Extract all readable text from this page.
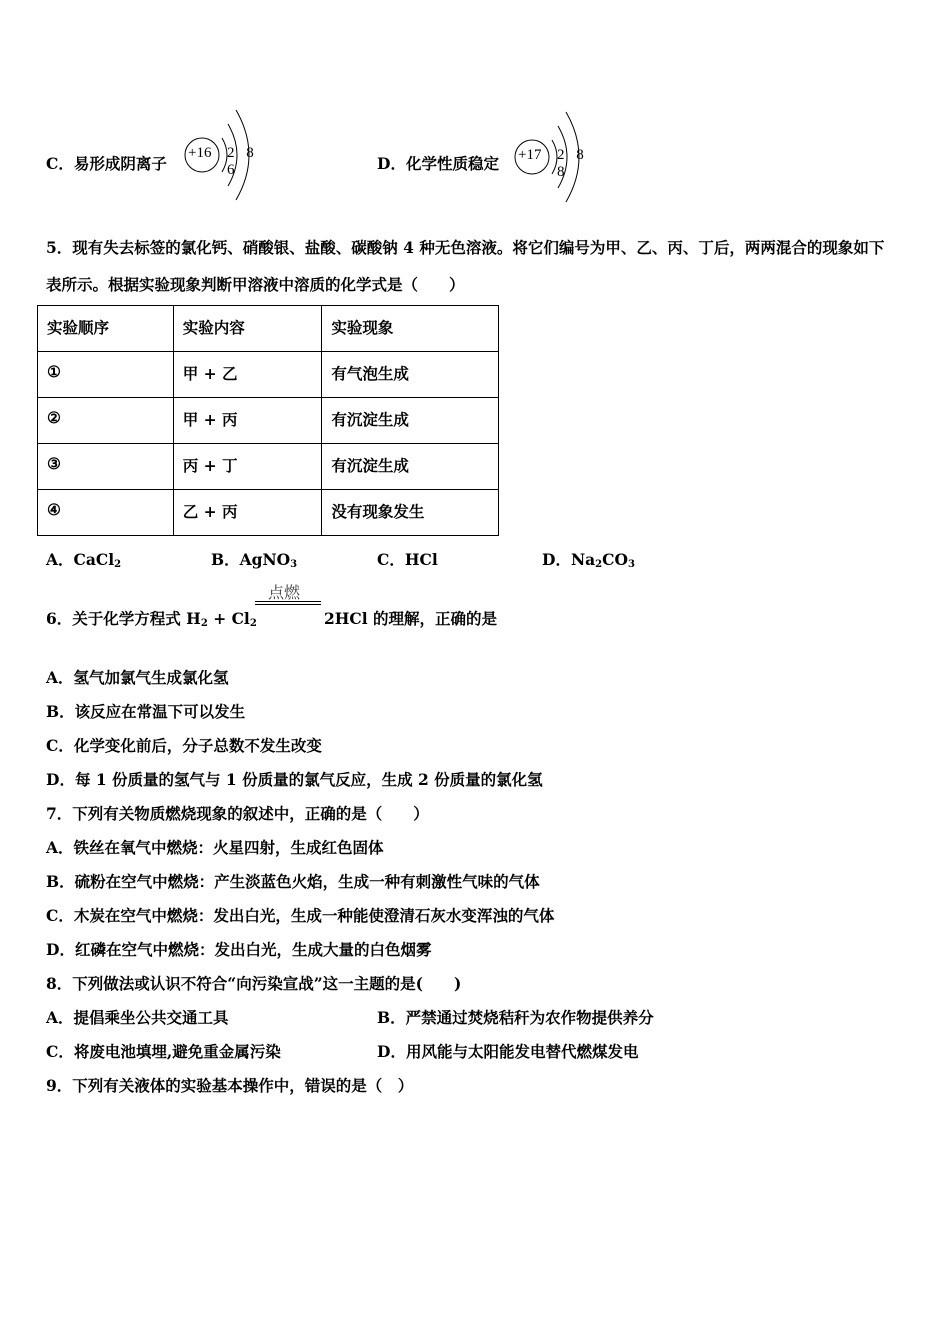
C．易形成阴离子
+16 2 8 6	D．化学性质稳定 +17 2 8 8
5．现有失去标签的氯化钙、硝酸银、盐酸、碳酸钠 4 种无色溶液。将它们编号为甲、乙、丙、丁后，两两混合的现象如下
表所示。根据实验现象判断甲溶液中溶质的化学式是（　　）
实验顺序	实验内容	实验现象
①	甲 + 乙	有气泡生成
②	甲 + 丙	有沉淀生成
③	丙 + 丁	有沉淀生成
④	乙 + 丙	没有现象发生
A．CaCl$_2$	B．AgNO$_3$	C．HCl	D．$Na_2CO_3$
6．关于化学方程式 $H_2 + Cl_2$
点燃
2HCl 的理解，正确的是
A．氢气加氯气生成氯化氢
B．该反应在常温下可以发生
C．化学变化前后，分子总数不发生改变
D．每 1 份质量的氢气与 1 份质量的氯气反应，生成 2 份质量的氯化氢
7．下列有关物质燃烧现象的叙述中，正确的是（　　）
A．铁丝在氧气中燃烧：火星四射，生成红色固体
B．硫粉在空气中燃烧：产生淡蓝色火焰，生成一种有刺激性气味的气体
C．木炭在空气中燃烧：发出白光，生成一种能使澄清石灰水变浑浊的气体
D．红磷在空气中燃烧：发出白光，生成大量的白色烟雾
8．下列做法或认识不符合“向污染宣战”这一主题的是(　　)
A．提倡乘坐公共交通工具	B．严禁通过焚烧秸秆为农作物提供养分
C．将废电池填埋,避免重金属污染	D．用风能与太阳能发电替代燃煤发电
9．下列有关液体的实验基本操作中，错误的是（　）
